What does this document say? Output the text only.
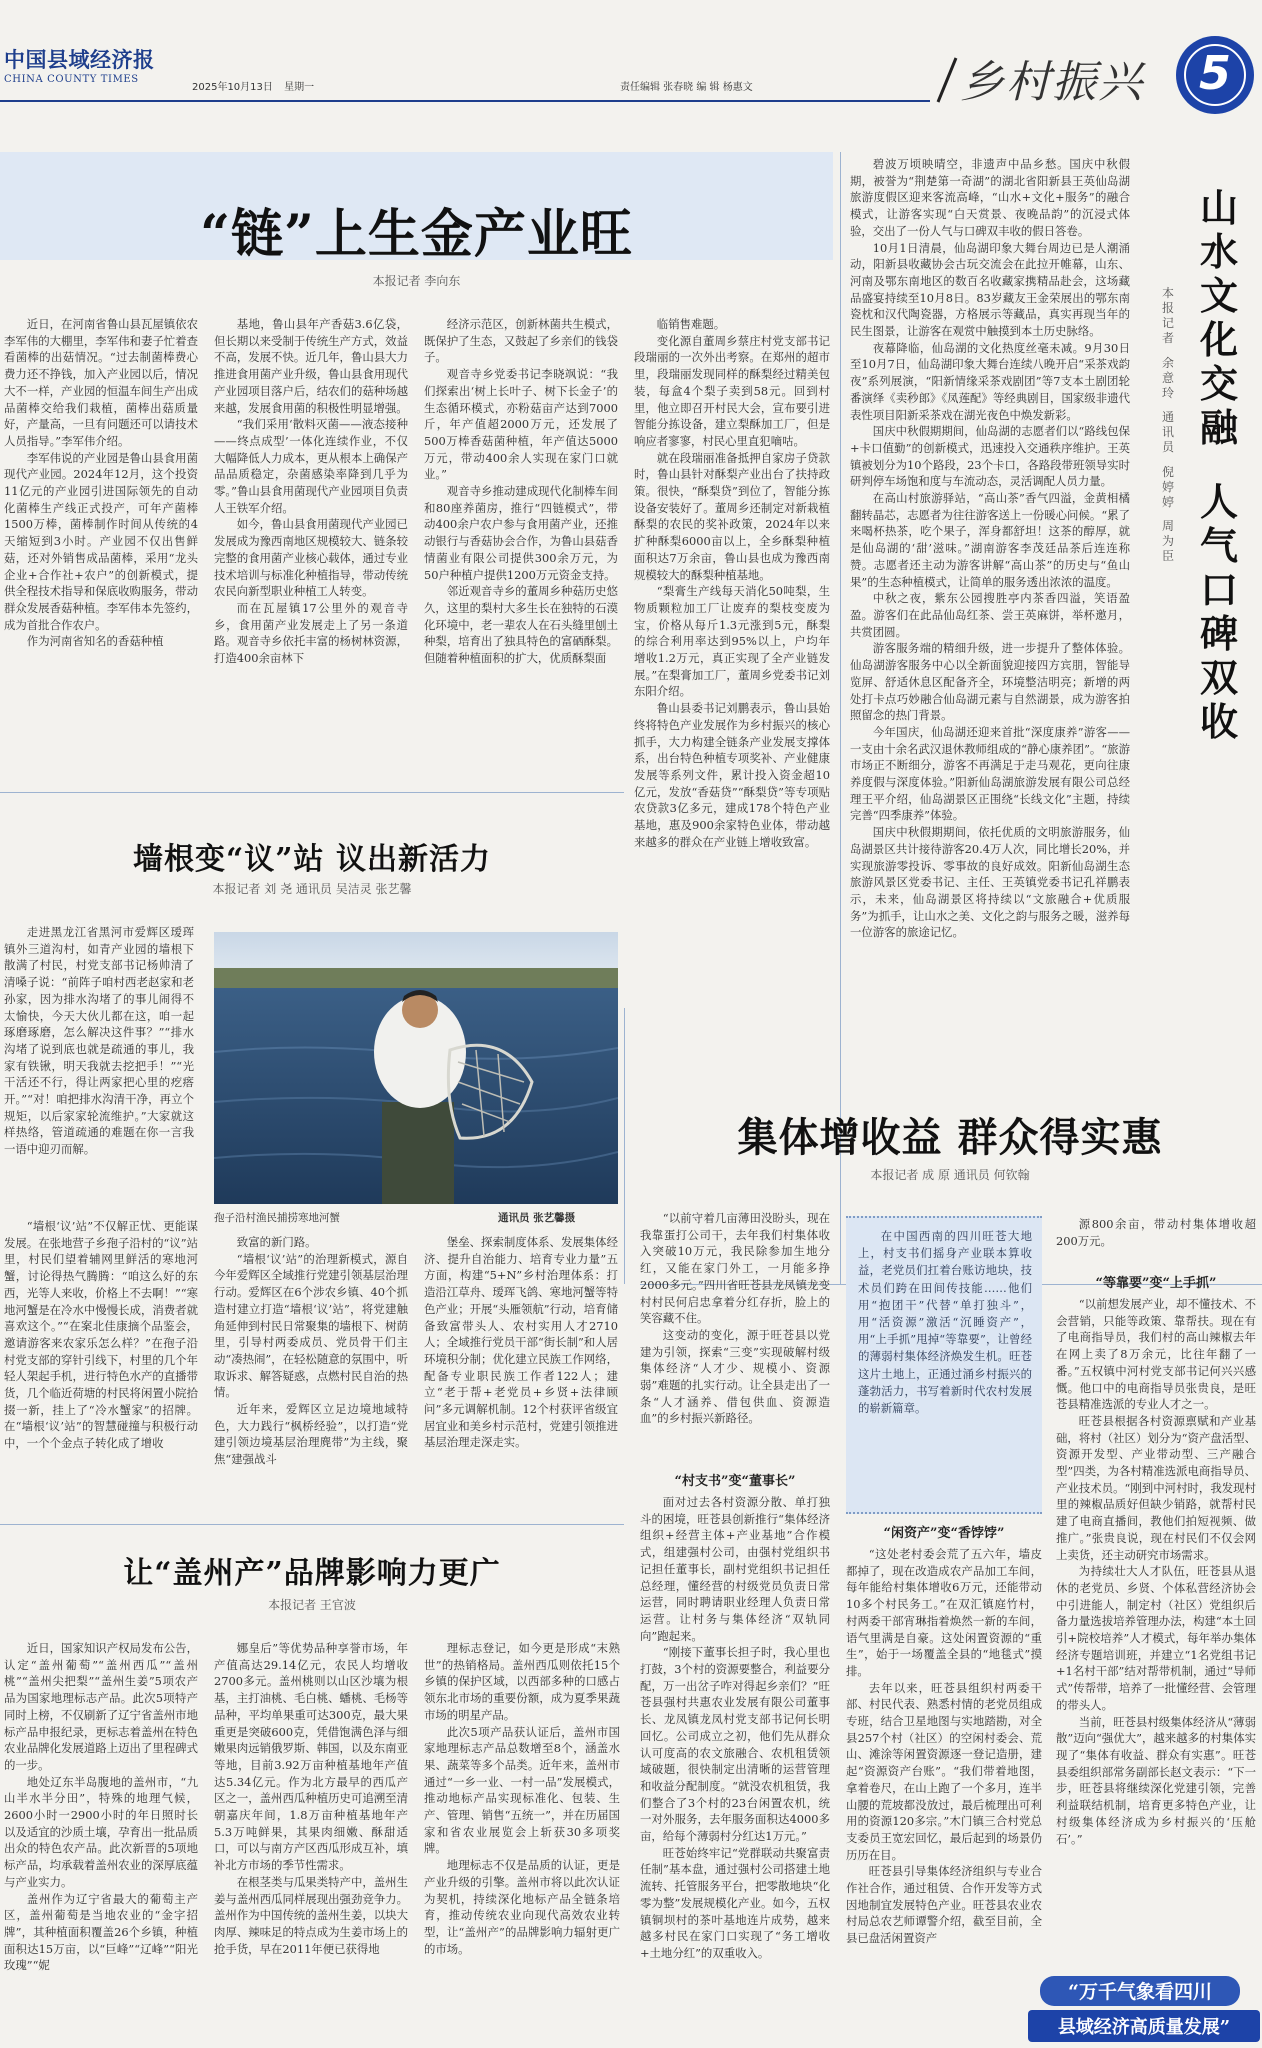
中国县域经济报
CHINA COUNTY TIMES
2025年10月13日 星期一	责任编辑 张春晓 编 辑 杨惠文	乡村振兴	5
“链”上生金产业旺
本报记者 李向东

近日，在河南省鲁山县瓦屋镇依农李军伟的大棚里，李军伟和妻子忙着查看菌棒的出菇情况。“过去制菌棒费心费力还不挣钱，加入产业园以后，情况大不一样，产业园的恒温车间生产出成品菌棒交给我们栽植，菌棒出菇质量好，产量高，一旦有问题还可以请技术人员指导。”李军伟介绍。

李军伟说的产业园是鲁山县食用菌现代产业园。2024年12月，这个投资11亿元的产业园引进国际领先的自动化菌棒生产线正式投产，可年产菌棒1500万棒，菌棒制作时间从传统的4天缩短到3小时。产业园不仅出售鲜菇，还对外销售成品菌棒，采用“龙头企业+合作社+农户”的创新模式，提供全程技术指导和保底收购服务，带动群众发展香菇种植。李军伟本先签约，成为首批合作农户。

作为河南省知名的香菇种植

基地，鲁山县年产香菇3.6亿袋，但长期以来受制于传统生产方式，效益不高，发展不快。近几年，鲁山县大力推进食用菌产业升级，鲁山县食用现代产业园项目落户后，结农们的菇种场越来越，发展食用菌的积极性明显增强。

“我们采用‘散料灭菌——液态接种——终点成型’一体化连续作业，不仅大幅降低人力成本，更从根本上确保产品品质稳定，杂菌感染率降到几乎为零。”鲁山县食用菌现代产业园项目负责人王铁军介绍。

如今，鲁山县食用菌现代产业园已发展成为豫西南地区规模较大、链条较完整的食用菌产业核心载体，通过专业技术培训与标准化种植指导，带动传统农民向新型职业种植工人转变。

而在瓦屋镇17公里外的观音寺乡，食用菌产业发展走上了另一条道路。观音寺乡依托丰富的杨树林资源，打造400余亩林下

经济示范区，创新林菌共生模式，既保护了生态，又鼓起了乡亲们的钱袋子。

观音寺乡党委书记李晓飒说：“我们探索出‘树上长叶子、树下长金子’的生态循环模式，亦粉菇亩产达到7000斤，年产值超2000万元，还发展了500万棒香菇菌种植，年产值达5000万元，带动400余人实现在家门口就业。”

观音寺乡推动建成现代化制棒车间和80座养菌房，推行“四链模式”，带动400余户农户参与食用菌产业，还推动银行与香菇协会合作，为鲁山县菇香情菌业有限公司提供300余万元，为50户种植户提供1200万元资金支持。

邻近观音寺乡的董周乡种菇历史悠久，这里的梨村大多生长在独特的石漠化环境中，老一辈农人在石头缝里刨土种梨，培育出了独具特色的富硒酥梨。但随着种植面积的扩大，优质酥梨面

临销售难题。

变化源自董周乡蔡庄村党支部书记段瑞丽的一次外出考察。在郑州的超市里，段瑞丽发现同样的酥梨经过精美包装，每盒4个梨子卖到58元。回到村里，他立即召开村民大会，宣布要引进智能分拣设备，建立梨酥加工厂，但是响应者寥寥，村民心里直犯嘀咕。

就在段瑞丽准备抵押自家房子贷款时，鲁山县针对酥梨产业出台了扶持政策。很快，“酥梨贷”到位了，智能分拣设备安装好了。董周乡还制定对新栽植酥梨的农民的奖补政策，2024年以来扩种酥梨6000亩以上，全乡酥梨种植面积达7万余亩，鲁山县也成为豫西南规模较大的酥梨种植基地。

“梨膏生产线每天消化50吨梨，生物质颗粒加工厂让废弃的梨枝变废为宝，价格从每斤1.3元涨到5元，酥梨的综合利用率达到95%以上，户均年增收1.2万元，真正实现了全产业链发展。”在梨膏加工厂，董周乡党委书记刘东阳介绍。

鲁山县委书记刘鹏表示，鲁山县始终将特色产业发展作为乡村振兴的核心抓手，大力构建全链条产业发展支撑体系，出台特色种植专项奖补、产业健康发展等系列文件，累计投入资金超10亿元，发放“香菇贷”“酥梨贷”等专项贴农贷款3亿多元，建成178个特色产业基地，惠及900余家特色业体，带动越来越多的群众在产业链上增收致富。

碧波万顷映晴空，非遗声中品乡愁。国庆中秋假期，被誉为“荆楚第一奇湖”的湖北省阳新县王英仙岛湖旅游度假区迎来客流高峰，“山水+文化+服务”的融合模式，让游客实现“白天赏景、夜晚品韵”的沉浸式体验，交出了一份人气与口碑双丰收的假日答卷。

10月1日清晨，仙岛湖印象大舞台周边已是人潮涌动，阳新县收藏协会古玩交流会在此拉开帷幕，山东、河南及鄂东南地区的数百名收藏家携精品赴会，这场藏品盛宴持续至10月8日。83岁藏友王金荣展出的鄂东南瓷枕和汉代陶瓷器，方格展示等藏品，真实再现当年的民生图景，让游客在观赏中触摸到本土历史脉络。

夜幕降临，仙岛湖的文化热度丝毫未减。9月30日至10月7日，仙岛湖印象大舞台连续八晚开启“采茶戏韵夜”系列展演，“阳新情缘采茶戏剧团”等7支本土剧团轮番演绎《卖秒郎》《凤莲配》等经典剧目，国家级非遗代表性项目阳新采茶戏在湖光夜色中焕发新彩。

国庆中秋假期期间，仙岛湖的志愿者们以“路线包保+卡口值勤”的创新模式，迅速投入交通秩序维护。王英镇被划分为10个路段，23个卡口，各路段带班领导实时研判停车场饱和度与车流动态，灵活调配人员力量。

在高山村旅游驿站，“高山茶”香气四溢，金黄相橘翻转晶芯，志愿者为往往游客送上一份暖心问候。“累了来喝杯热茶，吃个果子，浑身都舒坦！这茶的醇厚，就是仙岛湖的‘甜’滋味。”湖南游客李茂廷品茶后连连称赞。志愿者还主动为游客讲解“高山茶”的历史与“鱼山果”的生态种植模式，让简单的服务透出浓浓的温度。

中秋之夜，紫东公园搜胜亭内茶香四溢，笑语盈盈。游客们在此品仙岛红茶、尝王英麻饼，举杯邀月，共赏团圆。

游客服务端的精细升级，进一步提升了整体体验。仙岛湖游客服务中心以全新面貌迎接四方宾朋，智能导览屏、舒适休息区配备齐全，环境整洁明亮；新增的两处打卡点巧妙融合仙岛湖元素与自然湖景，成为游客拍照留念的热门背景。

今年国庆，仙岛湖还迎来首批“深度康养”游客——一支由十余名武汉退休教师组成的“静心康养团”。“旅游市场正不断细分，游客不再满足于走马观花，更向往康养度假与深度体验。”阳新仙岛湖旅游发展有限公司总经理王平介绍，仙岛湖景区正围绕“长线文化”主题，持续完善“四季康养”体验。

国庆中秋假期期间，依托优质的文明旅游服务，仙岛湖景区共计接待游客20.4万人次，同比增长20%，并实现旅游零投诉、零事故的良好成效。阳新仙岛湖生态旅游风景区党委书记、主任、王英镇党委书记孔祥鹏表示，未来，仙岛湖景区将持续以“文旅融合+优质服务”为抓手，让山水之美、文化之韵与服务之暖，滋养每一位游客的旅途记忆。

山
水
文
化
交
融

人
气
口
碑
双
收
本
报
记
者

余
意
玲

通
讯
员

倪
婷
婷

周
为
臣
墙根变“议”站 议出新活力
本报记者 刘 尧 通讯员 吴洁灵 张艺馨

走进黑龙江省黑河市爱辉区瑷珲镇外三道沟村，如青产业园的墙根下散满了村民，村党支部书记杨帅清了清嗓子说：“前阵子咱村西老赵家和老孙家，因为排水沟堵了的事儿闹得不太愉快，今天大伙儿都在这，咱一起琢磨琢磨，怎么解决这件事？”“排水沟堵了说到底也就是疏通的事儿，我家有铁锹，明天我就去挖把手！”“光干活还不行，得让两家把心里的疙瘩开。”“对！咱把排水沟清干净，再立个规矩，以后家家轮流维护。”大家就这样热络，管道疏通的难题在你一言我一语中迎刃而解。

孢子沿村渔民捕捞寒地河蟹	通讯员 张艺馨摄

“墙根‘议’站”不仅解正忧、更能谋发展。在张地营子乡孢子沿村的“议”站里，村民们望着辅网里鲜活的寒地河蟹，讨论得热气腾腾：“咱这么好的东西，光等人来收，价格上不去啊！”“寒地河蟹是在冷水中慢慢长成，消费者就喜欢这个。”“在案北佳康摘个品鉴会，邀请游客来农家乐怎么样？”在孢子沿村党支部的穿针引线下，村里的几个年轻人架起手机，进行特色水产的直播带货，几个临近荷塘的村民将闲置小院拾掇一新，挂上了“冷水蟹家”的招牌。在“墙根‘议’站”的智慧碰撞与积极行动中，一个个金点子转化成了增收

致富的新门路。

“墙根‘议’站”的治理新模式，源自今年爱辉区全域推行党建引领基层治理行动。爱辉区在6个涉农乡镇、40个抓造村建立打造“墙根‘议’站”，将党建触角延伸到村民日常聚集的墙根下、树荫里，引导村两委成员、党员骨干们主动“凑热闹”，在轻松随意的氛围中，听取诉求、解答疑惑，点燃村民自治的热情。

近年来，爱辉区立足边境地域特色，大力践行“枫桥经验”，以打造“党建引领边境基层治理麂带”为主线，聚焦“建强战斗

堡垒、探索制度体系、发展集体经济、提升自治能力、培育专业力量”五方面，构建“5+N”乡村治理体系：打造沿江草舟、瑷珲飞鸽、寒地河蟹等特色产业；开展“头雁领航”行动，培育储备致富带头人、农村实用人才2710人；全域推行党员干部“街长制”和人居环境积分制；优化建立民族工作网络，配备专业职民族工作者122人；建立“老于帮+老党员+乡贤+法律顾问”多元调解机制。12个村获评省级宜居宜业和美乡村示范村，党建引领推进基层治理走深走实。

集体增收益 群众得实惠
本报记者 成 原 通讯员 何钦翰

“以前守着几亩薄田没盼头，现在我靠蛋打公司干，去年我们村集体收入突破10万元，我民除参加生地分红，又能在家门外工，一月能多挣2000多元。”四川省旺苍县龙凤镇龙变村村民何启忠拿着分红存折，脸上的笑容藏不住。

这变动的变化，源于旺苍县以党建为引领，探索“三变”实现破解村级集体经济“人才少、规模小、资源弱”难题的扎实行动。让全县走出了一条“人才涵养、借包供血、资源造血”的乡村振兴新路径。

“村支书”变“董事长”

面对过去各村资源分散、单打独斗的困境，旺苍县创新推行“集体经济组织+经营主体+产业基地”合作模式，组建强村公司，由强村党组织书记担任董事长，副村党组织书记担任总经理，懂经营的村级党员负责日常运营，同时聘请职业经理人负责日常运营。让村务与集体经济“双轨同向”跑起来。

“刚接下董事长担子时，我心里也打鼓，3个村的资源要整合，利益要分配，万一出岔子咋对得起乡亲们？”旺苍县强村共惠农业发展有限公司董事长、龙凤镇龙凤村党支部书记何长明回忆。公司成立之初，他们先从群众认可度高的农文旅融合、农机租赁领域破题，很快制定出清晰的运营管理和收益分配制度。“就没农机租赁，我们整合了3个村的23台闲置农机，统一对外服务，去年服务面积达4000多亩，给每个薄弱村分红达1万元。”

旺苍始终牢记“党群联动共聚富责任制”基本盘，通过强村公司搭建土地流转、托管服务平台，把零散地块“化零为整”发展规模化产业。如今，五权镇铜坝村的茶叶基地连片成势，越来越多村民在家门口实现了“务工增收+土地分红”的双重收入。

在中国西南的四川旺苍大地上，村支书们摇身产业联本算收益，老党员们扛着台账访地块，技术员们跨在田间传技能……他们用“抱团干”代替“单打独斗”，用“活资源”激活“沉睡资产”，用“上手抓”甩掉“等靠要”，让曾经的薄弱村集体经济焕发生机。旺苍这片土地上，正通过涌乡村振兴的蓬勃活力，书写着新时代农村发展的崭新篇章。
“闲资产”变“香饽饽”

“这处老村委会荒了五六年，墙皮都掉了，现在改造成农产品加工车间，每年能给村集体增收6万元，还能带动10多个村民务工。”在双汇镇庭竹村，村两委干部宵琳指着焕然一新的车间，语气里满是自豪。这处闲置资源的“重生”，始于一场覆盖全县的“地毯式”摸排。

去年以来，旺苍县组织村两委干部、村民代表、熟悉村情的老党员组成专班，结合卫星地图与实地踏勘，对全县257个村（社区）的空闲村委会、荒山、滩涂等闲置资源逐一登记造册，建起“资源资产台账”。“我们带着地图，拿着卷尺，在山上跑了一个多月，连半山腰的荒坡都没放过，最后梳理出可利用的资源120多宗。”木门镇三合村党总支委员王宽宏回忆，最后起到的场景仍历历在目。

旺苍县引导集体经济组织与专业合作社合作，通过租赁、合作开发等方式因地制宜发展特色产业。旺苍县农业农村局总农艺师谭警介绍，截至目前，全县已盘活闲置资产

源800余亩，带动村集体增收超200万元。

“等靠要”变“上手抓”

“以前想发展产业，却不懂技术、不会营销，只能等政策、靠帮扶。现在有了电商指导员，我们村的高山辣椒去年在网上卖了8万余元，比往年翻了一番。”五权镇中河村党支部书记何兴兴感慨。他口中的电商指导员张贵良，是旺苍县精准选派的专业人才之一。

旺苍县根据各村资源禀赋和产业基础，将村（社区）划分为“资产盘活型、资源开发型、产业带动型、三产融合型”四类，为各村精准选派电商指导员、产业技术员。“刚到中河村时，我发现村里的辣椒品质好但缺少销路，就帮村民建了电商直播间，教他们拍短视频、做推广。”张贵良说，现在村民们不仅会网上卖货，还主动研究市场需求。

为持续壮大人才队伍，旺苍县从退休的老党员、乡贤、个体私营经济协会中引进能人，制定村（社区）党组织后备力量选拔培养管理办法，构建“本土回引+院校培养”人才模式，每年举办集体经济专题培训班，并建立“1名党组书记+1名村干部”结对帮带机制，通过“导师式”传帮带，培养了一批懂经营、会管理的带头人。

当前，旺苍县村级集体经济从“薄弱散”迈向“强优大”，越来越多的村集体实现了“集体有收益、群众有实惠”。旺苍县委组织部常务副部长赵文表示：“下一步，旺苍县将继续深化党建引领，完善利益联结机制，培育更多特色产业，让村级集体经济成为乡村振兴的‘压舱石’。”

“万千气象看四川
县域经济高质量发展”
让“盖州产”品牌影响力更广
本报记者 王官波

近日，国家知识产权局发布公告，认定“盖州葡萄”“盖州西瓜”“盖州桃”“盖州尖把梨”“盖州生姜”5项农产品为国家地理标志产品。此次5项特产同时上榜，不仅刷新了辽宁省盖州市地标产品申报纪录，更标志着盖州在特色农业品牌化发展道路上迈出了里程碑式的一步。

地处辽东半岛腹地的盖州市，“九山半水半分田”，特殊的地理气候，2600小时一2900小时的年日照时长以及适宜的沙质土壤，孕育出一批品质出众的特色农产品。此次新晋的5项地标产品，均承载着盖州农业的深厚底蕴与产业实力。

盖州作为辽宁省最大的葡萄主产区，盖州葡萄是当地农业的“金字招牌”，其种植面积覆盖26个乡镇，种植面积达15万亩，以“巨峰”“辽峰”“阳光玫瑰”“妮

娜皇后”等优势品种享誉市场，年产值高达29.14亿元，农民人均增收2700多元。盖州桃则以山区沙壤为根基，主打油桃、毛白桃、蟠桃、毛杨等品种，平均单果重可达300克，最大果重更是突破600克，凭借饱满色泽与细嫩果肉远销俄罗斯、韩国，以及东南亚等地，目前3.92万亩种植基地年产值达5.34亿元。作为北方最早的西瓜产区之一，盖州西瓜种植历史可追溯至清朝嘉庆年间，1.8万亩种植基地年产5.3万吨鲜果，其果肉细嫩、酥甜适口，可以与南方产区西瓜形成互补，填补北方市场的季节性需求。

在根茎类与瓜果类特产中，盖州生姜与盖州西瓜同样展现出强劲竞争力。盖州作为中国传统的盖州生姜，以块大肉厚、辣味足的特点成为生姜市场上的抢手货，早在2011年便已获得地

理标志登记，如今更是形成“末熟世”的热销格局。盖州西瓜则依托15个乡镇的保护区域，以西部多种的口感占领东北市场的重要份额，成为夏季果蔬市场的明星产品。

此次5项产品获认证后，盖州市国家地理标志产品总数增至8个，涵盖水果、蔬菜等多个品类。近年来，盖州市通过“一乡一业、一村一品”发展模式，推动地标产品实现标准化、包装、生产、管理、销售“五统一”，并在历届国家和省农业展览会上斩获30多项奖牌。

地理标志不仅是品质的认证，更是产业升级的引擎。盖州市将以此次认证为契机，持续深化地标产品全链条培育，推动传统农业向现代高效农业转型，让“盖州产”的品牌影响力辐射更广的市场。
